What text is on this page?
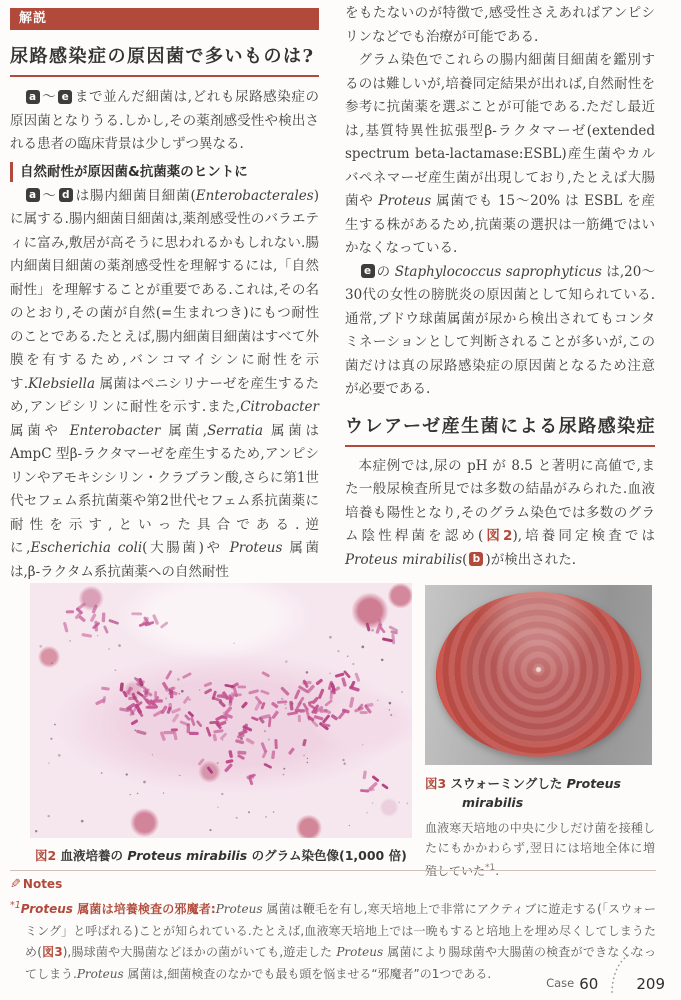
解説
尿路感染症の原因菌で多いものは?

a 〜 e まで並んだ細菌は,どれも尿路感染症の原因菌となりうる.しかし,その薬剤感受性や検出される患者の臨床背景は少しずつ異なる.

自然耐性が原因菌&抗菌薬のヒントに

a 〜 d は腸内細菌目細菌(Enterobacterales)に属する.腸内細菌目細菌は,薬剤感受性のバラエティに富み,敷居が高そうに思われるかもしれない.腸内細菌目細菌の薬剤感受性を理解するには,「自然耐性」を理解することが重要である.これは,その名のとおり,その菌が自然(=生まれつき)にもつ耐性のことである.たとえば,腸内細菌目細菌はすべて外膜を有するため,バンコマイシンに耐性を示す.Klebsiella 属菌はペニシリナーゼを産生するため,アンピシリンに耐性を示す.また,Citrobacter 属菌や Enterobacter 属菌,Serratia 属菌は AmpC 型β-ラクタマーゼを産生するため,アンピシリンやアモキシシリン・クラブラン酸,さらに第1世代セフェム系抗菌薬や第2世代セフェム系抗菌薬に耐性を示す,といった具合である.逆に,Escherichia coli(大腸菌)や Proteus 属菌は,β-ラクタム系抗菌薬への自然耐性

をもたないのが特徴で,感受性さえあればアンピシリンなどでも治療が可能である.

グラム染色でこれらの腸内細菌目細菌を鑑別するのは難しいが,培養同定結果が出れば,自然耐性を参考に抗菌薬を選ぶことが可能である.ただし最近は,基質特異性拡張型β-ラクタマーゼ(extended spectrum beta-lactamase:ESBL)産生菌やカルバペネマーゼ産生菌が出現しており,たとえば大腸菌や Proteus 属菌でも 15〜20% は ESBL を産生する株があるため,抗菌薬の選択は一筋縄ではいかなくなっている.

e の Staphylococcus saprophyticus は,20〜30代の女性の膀胱炎の原因菌として知られている.通常,ブドウ球菌属菌が尿から検出されてもコンタミネーションとして判断されることが多いが,この菌だけは真の尿路感染症の原因菌となるため注意が必要である.

ウレアーゼ産生菌による尿路感染症

本症例では,尿の pH が 8.5 と著明に高値で,また一般尿検査所見では多数の結晶がみられた.血液培養も陽性となり,そのグラム染色では多数のグラム陰性桿菌を認め(図2),培養同定検査では Proteus mirabilis( b )が検出された.

図2 血液培養の Proteus mirabilis のグラム染色像(1,000 倍)
図3 スウォーミングした Proteus mirabilis

血液寒天培地の中央に少しだけ菌を接種したにもかかわらず,翌日には培地全体に増殖していた$^{*1}$.

✎ Notes

$^{*1}$Proteus 属菌は培養検査の邪魔者:Proteus 属菌は鞭毛を有し,寒天培地上で非常にアクティブに遊走する(「スウォーミング」と呼ばれる)ことが知られている.たとえば,血液寒天培地上では一晩もすると培地上を埋め尽くしてしまうため(図3),腸球菌や大腸菌などほかの菌がいても,遊走した Proteus 属菌により腸球菌や大腸菌の検査ができなくなってしまう.Proteus 属菌は,細菌検査のなかでも最も頭を悩ませる“邪魔者”の1つである.

Case 60	209
